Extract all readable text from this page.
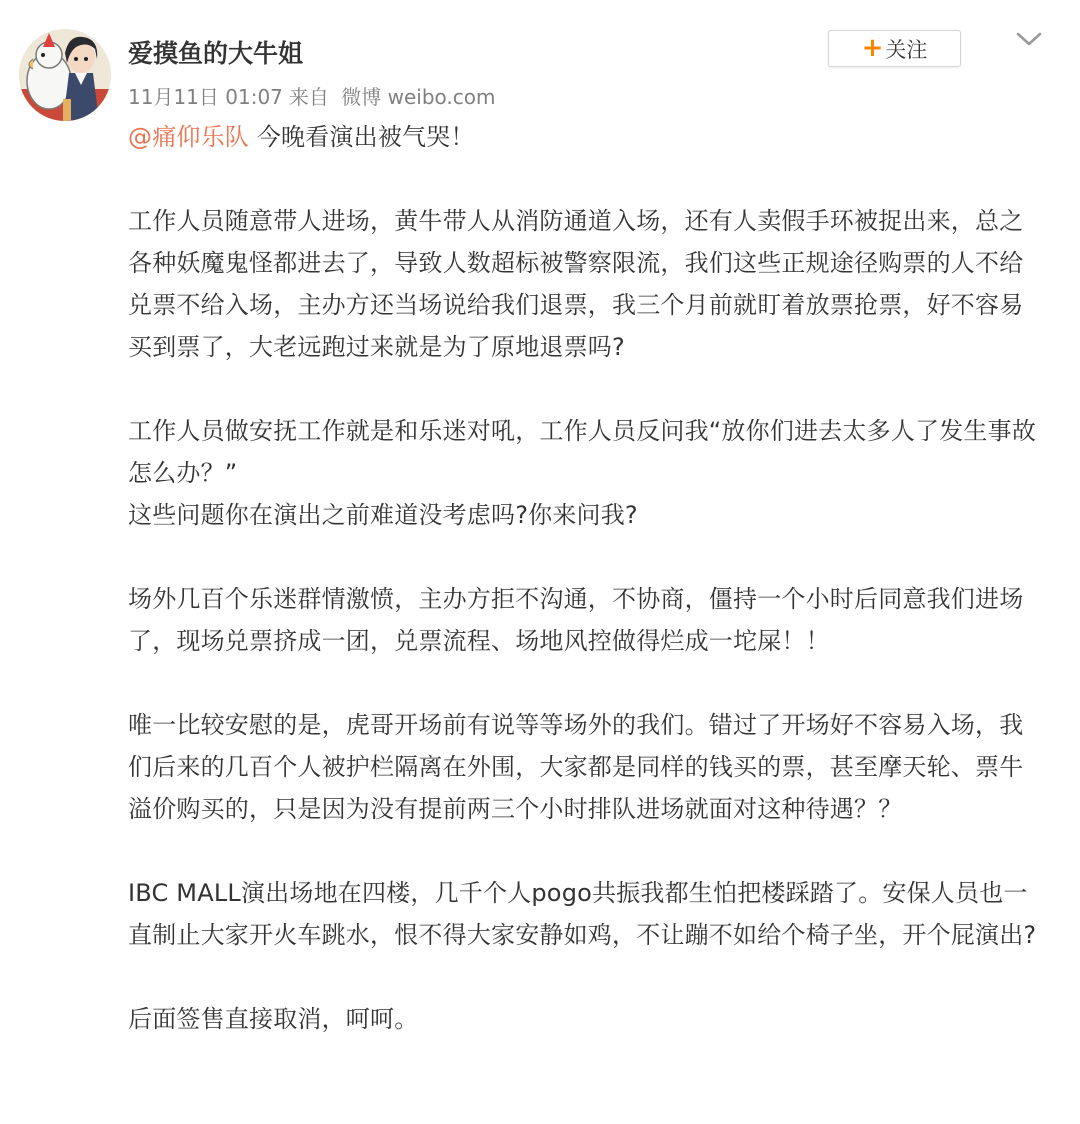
爱摸鱼的大牛姐
11月11日 01:07 来自 微博 weibo.com
+ 关注

@痛仰乐队 今晚看演出被气哭！

工作人员随意带人进场，黄牛带人从消防通道入场，还有人卖假手环被捉出来，总之各种妖魔鬼怪都进去了，导致人数超标被警察限流，我们这些正规途径购票的人不给兑票不给入场，主办方还当场说给我们退票，我三个月前就盯着放票抢票，好不容易买到票了，大老远跑过来就是为了原地退票吗?

工作人员做安抚工作就是和乐迷对吼，工作人员反问我“放你们进去太多人了发生事故怎么办？”

这些问题你在演出之前难道没考虑吗?你来问我?

场外几百个乐迷群情激愤，主办方拒不沟通，不协商，僵持一个小时后同意我们进场了，现场兑票挤成一团，兑票流程、场地风控做得烂成一坨屎！！

唯一比较安慰的是，虎哥开场前有说等等场外的我们。错过了开场好不容易入场，我们后来的几百个人被护栏隔离在外围，大家都是同样的钱买的票，甚至摩天轮、票牛溢价购买的，只是因为没有提前两三个小时排队进场就面对这种待遇？？

IBC MALL演出场地在四楼，几千个人pogo共振我都生怕把楼踩踏了。安保人员也一直制止大家开火车跳水，恨不得大家安静如鸡，不让蹦不如给个椅子坐，开个屁演出?

后面签售直接取消，呵呵。
